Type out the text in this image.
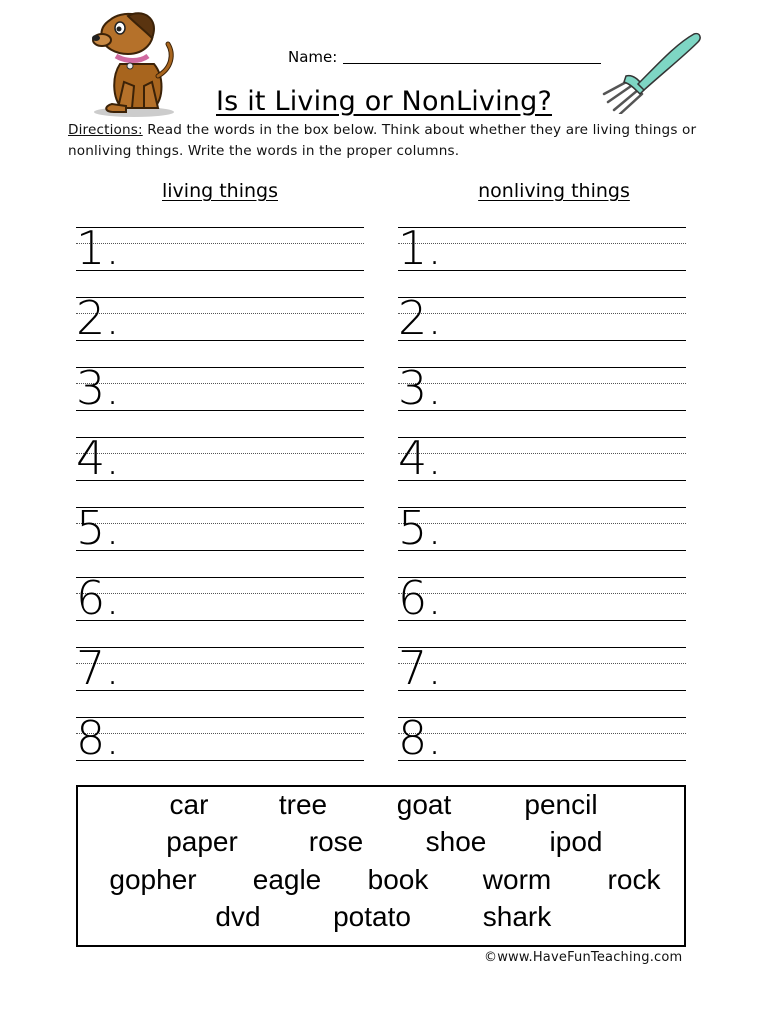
Name:
Is it Living or NonLiving?
Directions: Read the words in the box below. Think about whether they are living things or nonliving things. Write the words in the proper columns.
living things	nonliving things
1.	1.
2.	2.
3.	3.
4.	4.
5.	5.
6.	6.
7.	7.
8.	8.
car	tree goat	pencil
paper	rose shoe ipod
gopher eagle book worm rock
dvd	potato	shark
©www.HaveFunTeaching.com
